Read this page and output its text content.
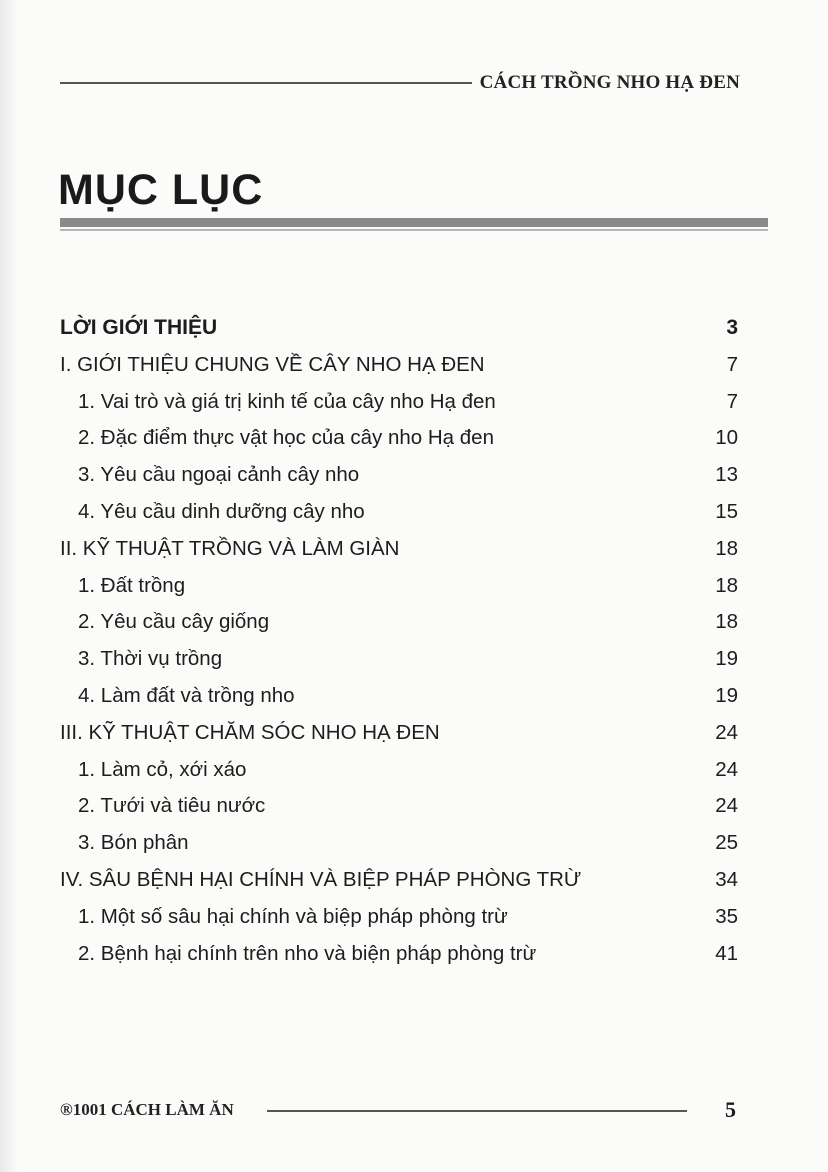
CÁCH TRỒNG NHO HẠ ĐEN
MỤC LỤC
LỜI GIỚI THIỆU	3
I. GIỚI THIỆU CHUNG VỀ CÂY NHO HẠ ĐEN	7
1. Vai trò và giá trị kinh tế của cây nho Hạ đen	7
2. Đặc điểm thực vật học của cây nho Hạ đen	10
3. Yêu cầu ngoại cảnh cây nho	13
4. Yêu cầu dinh dưỡng cây nho	15
II. KỸ THUẬT TRỒNG VÀ LÀM GIÀN	18
1. Đất trồng	18
2. Yêu cầu cây giống	18
3. Thời vụ trồng	19
4. Làm đất và trồng nho	19
III. KỸ THUẬT CHĂM SÓC NHO HẠ ĐEN	24
1. Làm cỏ, xới xáo	24
2. Tưới và tiêu nước	24
3. Bón phân	25
IV. SÂU BỆNH HẠI CHÍNH VÀ BIỆP PHÁP PHÒNG TRỪ	34
1. Một số sâu hại chính và biệp pháp phòng trừ	35
2. Bệnh hại chính trên nho và biện pháp phòng trừ	41
®1001 CÁCH LÀM ĂN	5
